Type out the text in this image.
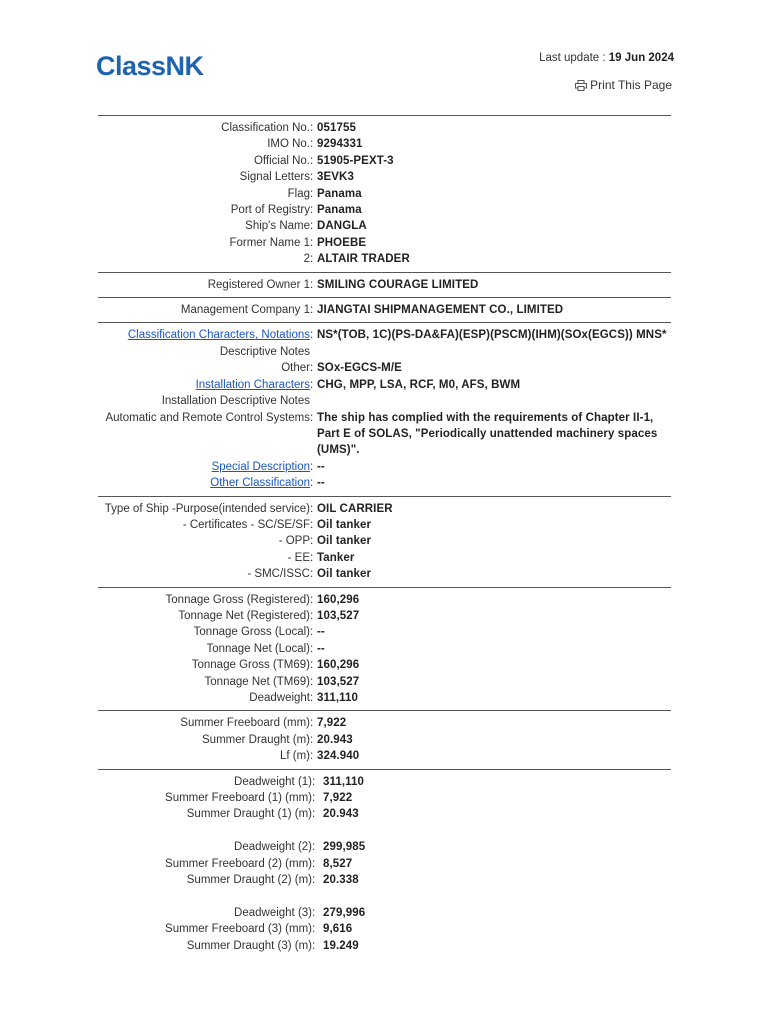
ClassNK	Last update : 19 Jun 2024
Print This Page
Classification No. : 051755
IMO No. : 9294331
Official No. : 51905-PEXT-3
Signal Letters : 3EVK3
Flag : Panama
Port of Registry : Panama
Ship's Name : DANGLA
Former Name 1 : PHOEBE
2 : ALTAIR TRADER
Registered Owner 1 : SMILING COURAGE LIMITED
Management Company 1 : JIANGTAI SHIPMANAGEMENT CO., LIMITED
Classification Characters, Notations : NS*(TOB, 1C)(PS-DA&FA)(ESP)(PSCM)(IHM)(SOx(EGCS)) MNS*
Descriptive Notes
Other : SOx-EGCS-M/E
Installation Characters : CHG, MPP, LSA, RCF, M0, AFS, BWM
Installation Descriptive Notes
Automatic and Remote Control Systems : The ship has complied with the requirements of Chapter II-1, Part E of SOLAS, "Periodically unattended machinery spaces (UMS)".
Special Description : --
Other Classification : --
Type of Ship -Purpose(intended service) : OIL CARRIER
- Certificates - SC/SE/SF : Oil tanker
- OPP : Oil tanker
- EE : Tanker
- SMC/ISSC : Oil tanker
Tonnage Gross (Registered) : 160,296
Tonnage Net (Registered) : 103,527
Tonnage Gross (Local) : --
Tonnage Net (Local) : --
Tonnage Gross (TM69) : 160,296
Tonnage Net (TM69) : 103,527
Deadweight : 311,110
Summer Freeboard (mm) : 7,922
Summer Draught (m) : 20.943
Lf (m) : 324.940
Deadweight (1) : 311,110
Summer Freeboard (1) (mm) : 7,922
Summer Draught (1) (m) : 20.943
Deadweight (2) : 299,985
Summer Freeboard (2) (mm) : 8,527
Summer Draught (2) (m) : 20.338
Deadweight (3) : 279,996
Summer Freeboard (3) (mm) : 9,616
Summer Draught (3) (m) : 19.249
